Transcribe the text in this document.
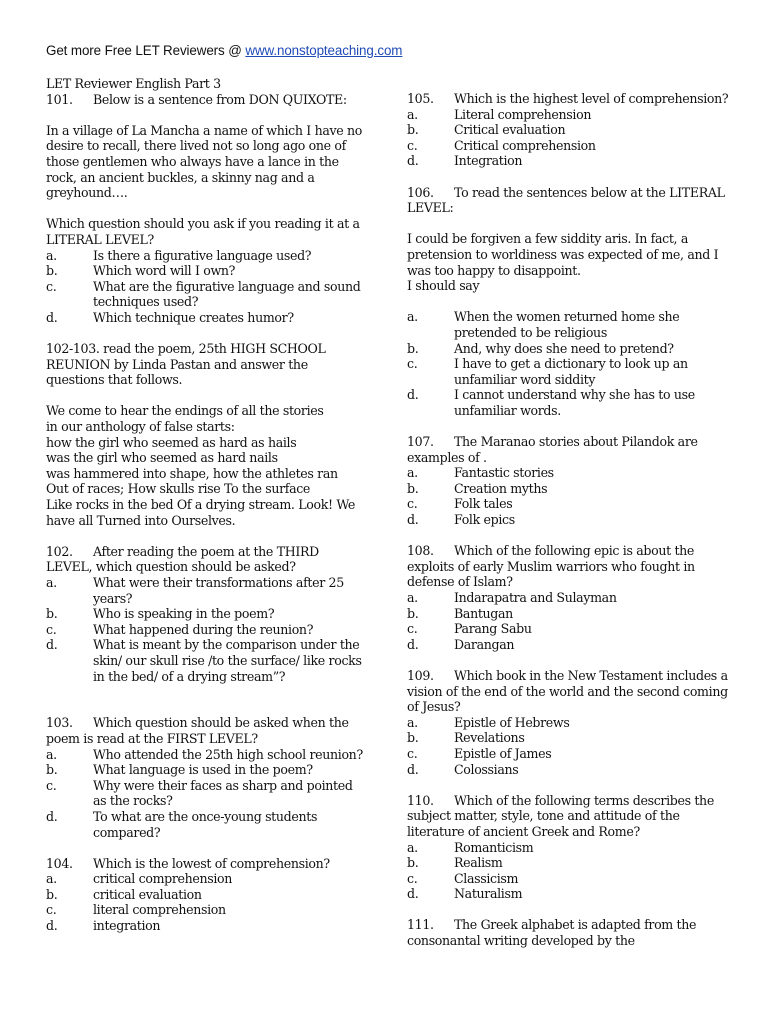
Get more Free LET Reviewers @ www.nonstopteaching.com

LET Reviewer English Part 3

101. Below is a sentence from DON QUIXOTE:

In a village of La Mancha a name of which I have no desire to recall, there lived not so long ago one of those gentlemen who always have a lance in the rock, an ancient buckles, a skinny nag and a greyhound….

Which question should you ask if you reading it at a LITERAL LEVEL?

a.	Is there a figurative language used?

b.	Which word will I own?

c.	What are the figurative language and sound techniques used?

d.	Which technique creates humor?

102-103. read the poem, 25th HIGH SCHOOL REUNION by Linda Pastan and answer the questions that follows.

We come to hear the endings of all the stories

in our anthology of false starts:

how the girl who seemed as hard as hails

was the girl who seemed as hard nails

was hammered into shape, how the athletes ran

Out of races; How skulls rise To the surface

Like rocks in the bed Of a drying stream. Look! We have all Turned into Ourselves.

102. After reading the poem at the THIRD LEVEL, which question should be asked?

a.	What were their transformations after 25 years?

b.	Who is speaking in the poem?

c.	What happened during the reunion?

d.	What is meant by the comparison under the skin/ our skull rise /to the surface/ like rocks in the bed/ of a drying stream”?

103. Which question should be asked when the poem is read at the FIRST LEVEL?

a.	Who attended the 25th high school reunion?

b.	What language is used in the poem?

c.	Why were their faces as sharp and pointed as the rocks?

d.	To what are the once-young students compared?

104. Which is the lowest of comprehension?

a.	critical comprehension

b.	critical evaluation

c.	literal comprehension

d.	integration

105. Which is the highest level of comprehension?

a.	Literal comprehension

b.	Critical evaluation

c.	Critical comprehension

d.	Integration

106. To read the sentences below at the LITERAL LEVEL:

I could be forgiven a few siddity aris. In fact, a pretension to worldiness was expected of me, and I was too happy to disappoint.

I should say

a.	When the women returned home she pretended to be religious

b.	And, why does she need to pretend?

c.	I have to get a dictionary to look up an unfamiliar word siddity

d.	I cannot understand why she has to use unfamiliar words.

107. The Maranao stories about Pilandok are examples of .

a.	Fantastic stories

b.	Creation myths

c.	Folk tales

d.	Folk epics

108. Which of the following epic is about the exploits of early Muslim warriors who fought in defense of Islam?

a.	Indarapatra and Sulayman

b.	Bantugan

c.	Parang Sabu

d.	Darangan

109. Which book in the New Testament includes a vision of the end of the world and the second coming of Jesus?

a.	Epistle of Hebrews

b.	Revelations

c.	Epistle of James

d.	Colossians

110. Which of the following terms describes the subject matter, style, tone and attitude of the literature of ancient Greek and Rome?

a.	Romanticism

b.	Realism

c.	Classicism

d.	Naturalism

111. The Greek alphabet is adapted from the consonantal writing developed by the
